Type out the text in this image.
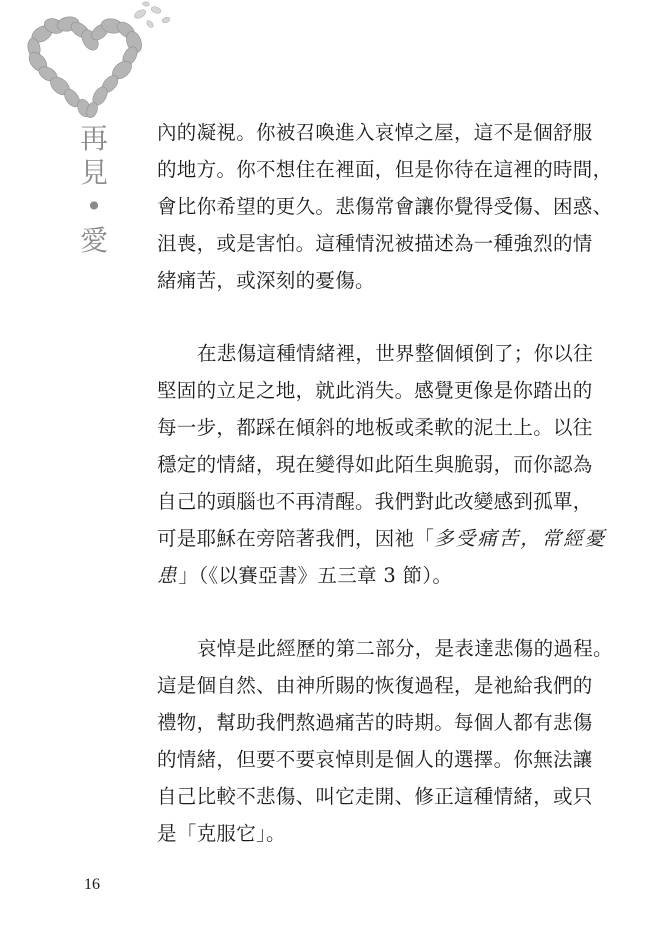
再
見
•
愛

內的凝視。你被召喚進入哀悼之屋，這不是個舒服

的地方。你不想住在裡面，但是你待在這裡的時間，

會比你希望的更久。悲傷常會讓你覺得受傷、困惑、

沮喪，或是害怕。這種情況被描述為一種強烈的情

緒痛苦，或深刻的憂傷。

在悲傷這種情緒裡，世界整個傾倒了；你以往

堅固的立足之地，就此消失。感覺更像是你踏出的

每一步，都踩在傾斜的地板或柔軟的泥土上。以往

穩定的情緒，現在變得如此陌生與脆弱，而你認為

自己的頭腦也不再清醒。我們對此改變感到孤單，

可是耶穌在旁陪著我們，因祂「多受痛苦，常經憂

患」（《以賽亞書》五三章 3 節）。

哀悼是此經歷的第二部分，是表達悲傷的過程。

這是個自然、由神所賜的恢復過程，是祂給我們的

禮物，幫助我們熬過痛苦的時期。每個人都有悲傷

的情緒，但要不要哀悼則是個人的選擇。你無法讓

自己比較不悲傷、叫它走開、修正這種情緒，或只

是「克服它」。

16
